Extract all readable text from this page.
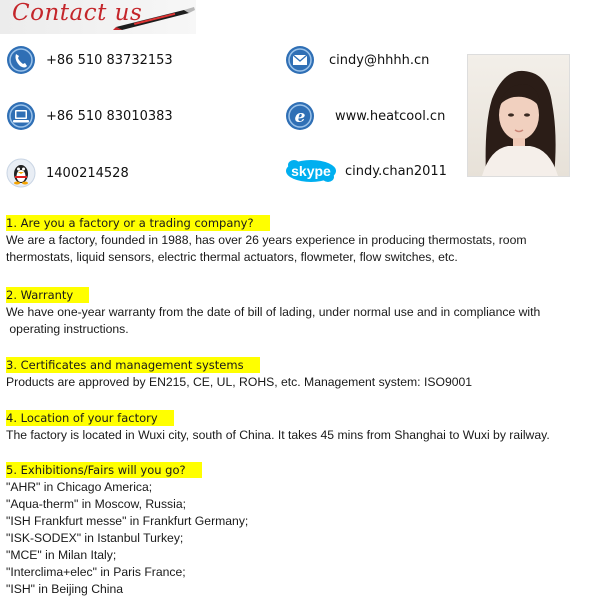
Contact us
+86 510 83732153
+86 510 83010383
1400214528
cindy@hhhh.cn
e www.heatcool.cn
skype cindy.chan2011
1. Are you a factory or a trading company?

We are a factory, founded in 1988, has over 26 years experience in producing thermostats, room

thermostats, liquid sensors, electric thermal actuators, flowmeter, flow switches, etc.

2. Warranty

We have one-year warranty from the date of bill of lading, under normal use and in compliance with

operating instructions.

3. Certificates and management systems

Products are approved by EN215, CE, UL, ROHS, etc. Management system: ISO9001

4. Location of your factory

The factory is located in Wuxi city, south of China. It takes 45 mins from Shanghai to Wuxi by railway.

5. Exhibitions/Fairs will you go?

"AHR" in Chicago America;

"Aqua-therm" in Moscow, Russia;

"ISH Frankfurt messe" in Frankfurt Germany;

"ISK-SODEX" in Istanbul Turkey;

"MCE" in Milan Italy;

"Interclima+elec" in Paris France;

"ISH" in Beijing China
